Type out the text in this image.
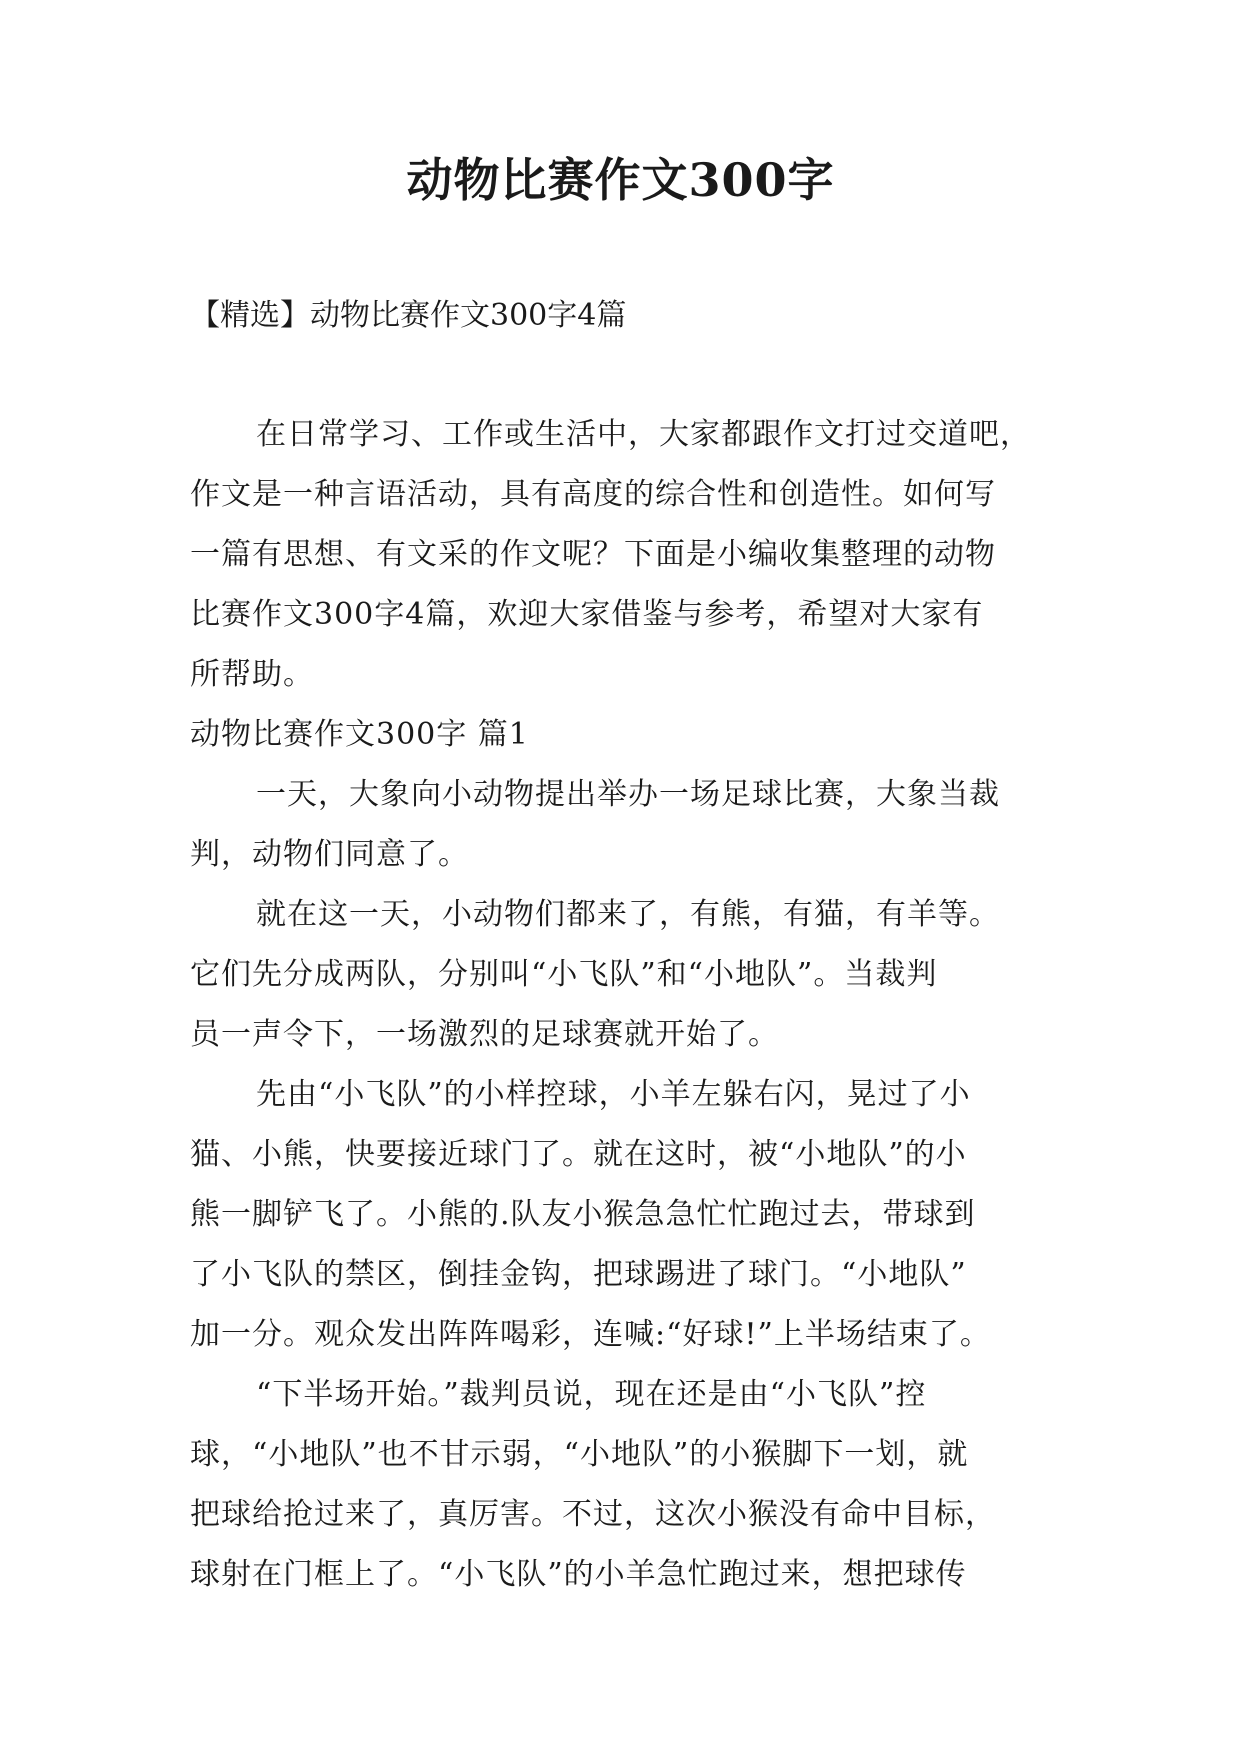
动物比赛作文300字

【精选】动物比赛作文300字4篇

在日常学习、工作或生活中，大家都跟作文打过交道吧，
作文是一种言语活动，具有高度的综合性和创造性。如何写
一篇有思想、有文采的作文呢？下面是小编收集整理的动物
比赛作文300字4篇，欢迎大家借鉴与参考，希望对大家有
所帮助。
动物比赛作文300字 篇1
一天，大象向小动物提出举办一场足球比赛，大象当裁
判，动物们同意了。
就在这一天，小动物们都来了，有熊，有猫，有羊等。
它们先分成两队，分别叫“小飞队”和“小地队”。当裁判
员一声令下，一场激烈的足球赛就开始了。
先由“小飞队”的小样控球，小羊左躲右闪，晃过了小
猫、小熊，快要接近球门了。就在这时，被“小地队”的小
熊一脚铲飞了。小熊的.队友小猴急急忙忙跑过去，带球到
了小飞队的禁区，倒挂金钩，把球踢进了球门。“小地队”
加一分。观众发出阵阵喝彩，连喊:“好球!”上半场结束了。
“下半场开始。”裁判员说，现在还是由“小飞队”控
球，“小地队”也不甘示弱，“小地队”的小猴脚下一划，就
把球给抢过来了，真厉害。不过，这次小猴没有命中目标，
球射在门框上了。“小飞队”的小羊急忙跑过来，想把球传
